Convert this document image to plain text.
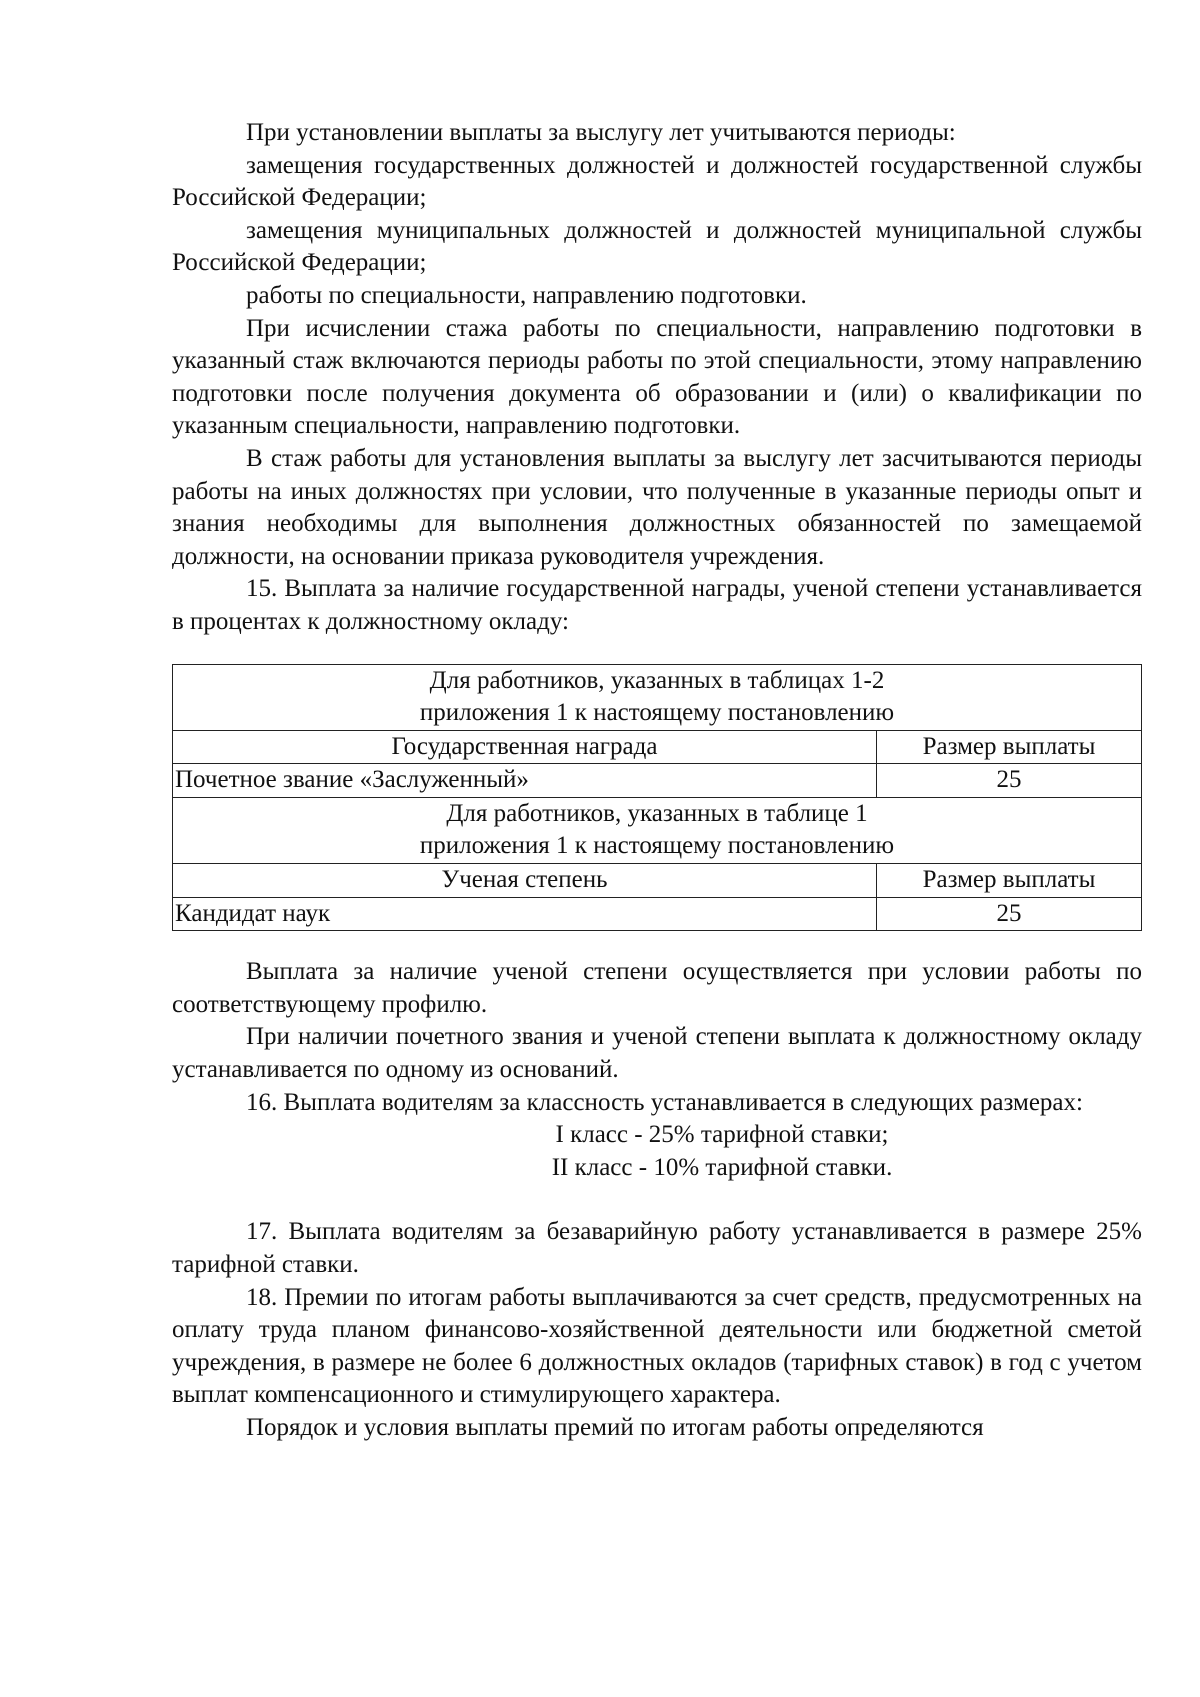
При установлении выплаты за выслугу лет учитываются периоды:

замещения государственных должностей и должностей государственной службы Российской Федерации;

замещения муниципальных должностей и должностей муниципальной службы Российской Федерации;

работы по специальности, направлению подготовки.

При исчислении стажа работы по специальности, направлению подготовки в указанный стаж включаются периоды работы по этой специальности, этому направлению подготовки после получения документа об образовании и (или) о квалификации по указанным специальности, направлению подготовки.

В стаж работы для установления выплаты за выслугу лет засчитываются периоды работы на иных должностях при условии, что полученные в указанные периоды опыт и знания необходимы для выполнения должностных обязанностей по замещаемой должности, на основании приказа руководителя учреждения.

15. Выплата за наличие государственной награды, ученой степени устанавливается в процентах к должностному окладу:

Для работников, указанных в таблицах 1-2
приложения 1 к настоящему постановлению	

Государственная награда	Размер выплаты
Почетное звание «Заслуженный»	25

Для работников, указанных в таблице 1
приложения 1 к настоящему постановлению	

Ученая степень	Размер выплаты
Кандидат наук	25

Выплата за наличие ученой степени осуществляется при условии работы по соответствующему профилю.

При наличии почетного звания и ученой степени выплата к должностному окладу устанавливается по одному из оснований.

16. Выплата водителям за классность устанавливается в следующих размерах:

I класс - 25% тарифной ставки;

II класс - 10% тарифной ставки.

17. Выплата водителям за безаварийную работу устанавливается в размере 25% тарифной ставки.

18. Премии по итогам работы выплачиваются за счет средств, предусмотренных на оплату труда планом финансово-хозяйственной деятельности или бюджетной сметой учреждения, в размере не более 6 должностных окладов (тарифных ставок) в год с учетом выплат компенсационного и стимулирующего характера.

Порядок и условия выплаты премий по итогам работы определяются
